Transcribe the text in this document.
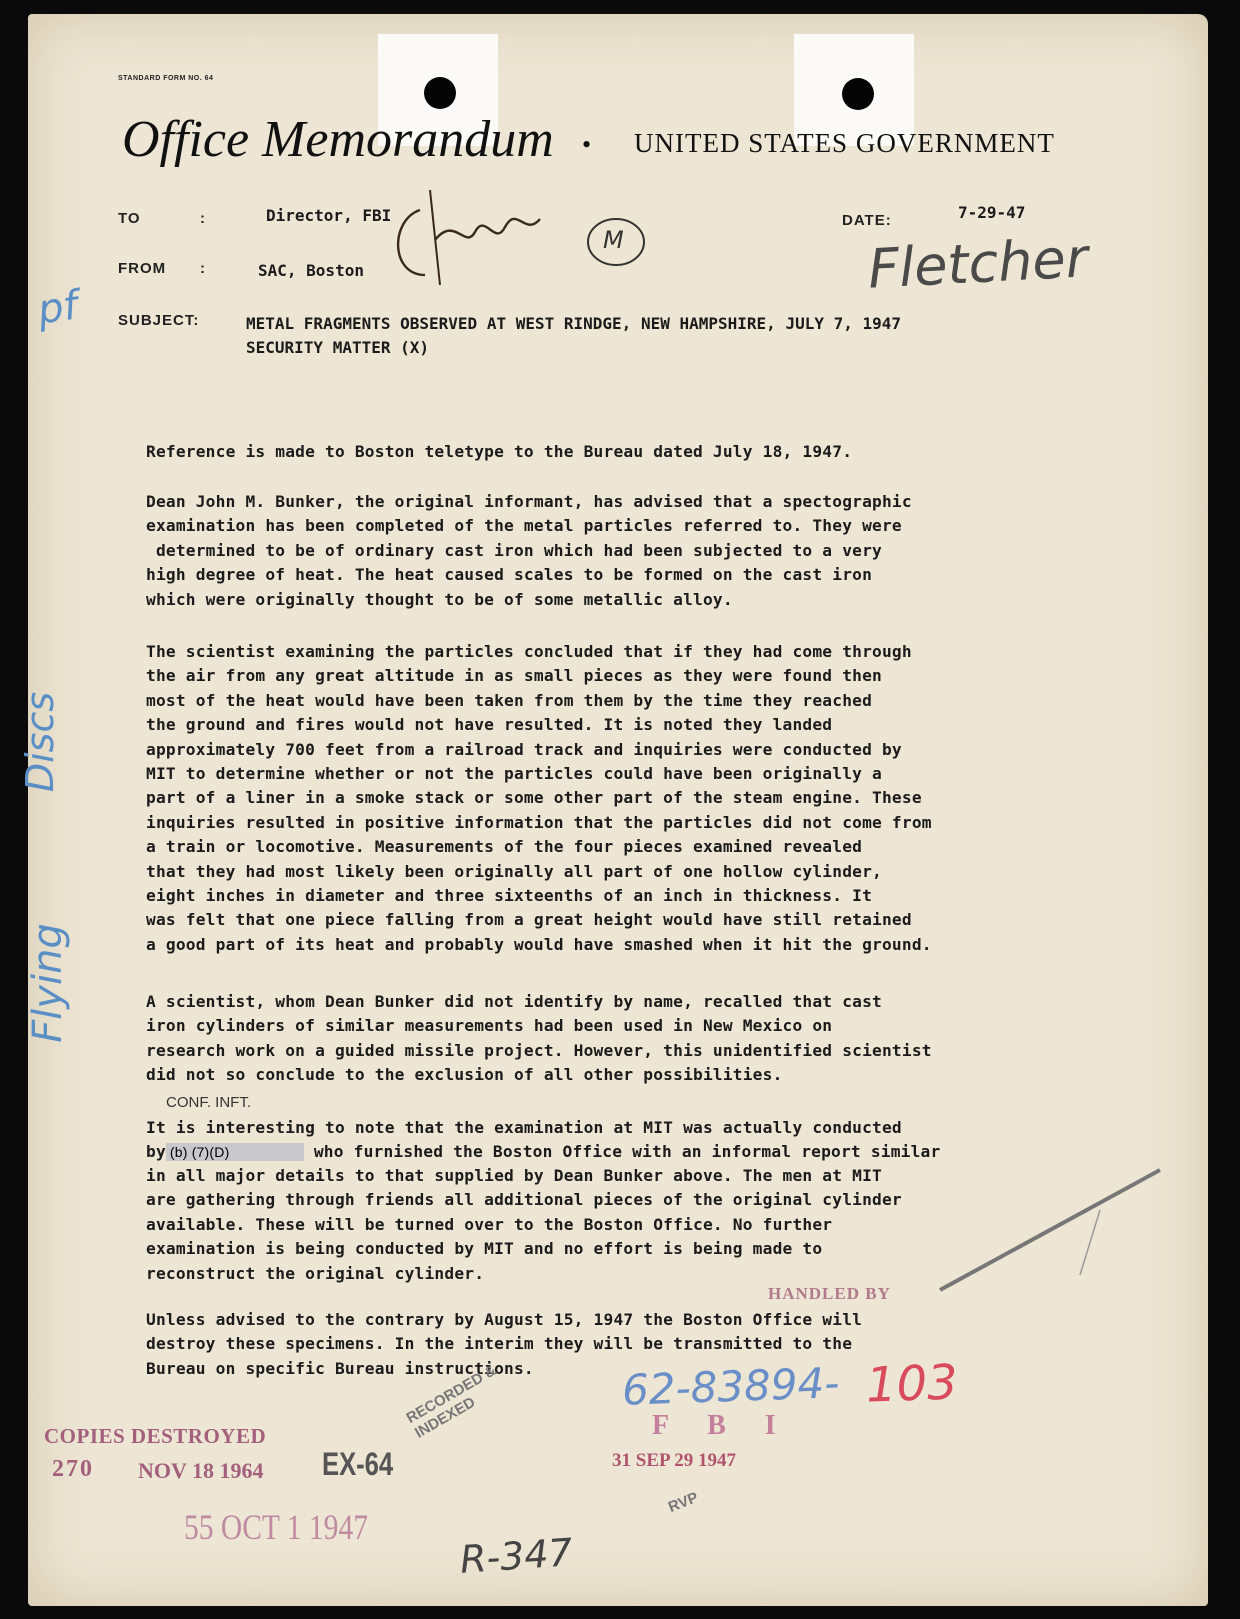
STANDARD FORM NO. 64
Office Memorandum • UNITED STATES GOVERNMENT
TO	:	Director, FBI
FROM :	SAC, Boston
DATE:	7-29-47
SUBJECT:	METAL FRAGMENTS OBSERVED AT WEST RINDGE, NEW HAMPSHIRE, JULY 7, 1947
SECURITY MATTER (X)
Reference is made to Boston teletype to the Bureau dated July 18, 1947.
Dean John M. Bunker, the original informant, has advised that a spectographic
examination has been completed of the metal particles referred to. They were
determined to be of ordinary cast iron which had been subjected to a very
high degree of heat. The heat caused scales to be formed on the cast iron
which were originally thought to be of some metallic alloy.
The scientist examining the particles concluded that if they had come through
the air from any great altitude in as small pieces as they were found then
most of the heat would have been taken from them by the time they reached
the ground and fires would not have resulted. It is noted they landed
approximately 700 feet from a railroad track and inquiries were conducted by
MIT to determine whether or not the particles could have been originally a
part of a liner in a smoke stack or some other part of the steam engine. These
inquiries resulted in positive information that the particles did not come from
a train or locomotive. Measurements of the four pieces examined revealed
that they had most likely been originally all part of one hollow cylinder,
eight inches in diameter and three sixteenths of an inch in thickness. It
was felt that one piece falling from a great height would have still retained
a good part of its heat and probably would have smashed when it hit the ground.
A scientist, whom Dean Bunker did not identify by name, recalled that cast
iron cylinders of similar measurements had been used in New Mexico on
research work on a guided missile project. However, this unidentified scientist
did not so conclude to the exclusion of all other possibilities.
CONF. INFT.
It is interesting to note that the examination at MIT was actually conducted
by (b) (7)(D)	who furnished the Boston Office with an informal report similar
in all major details to that supplied by Dean Bunker above. The men at MIT
are gathering through friends all additional pieces of the original cylinder
available. These will be turned over to the Boston Office. No further
examination is being conducted by MIT and no effort is being made to
reconstruct the original cylinder.
Unless advised to the contrary by August 15, 1947 the Boston Office will
destroy these specimens. In the interim they will be transmitted to the
Bureau on specific Bureau instructions.
M	Fletcher
pf
Discs
Flying
HANDLED BY
62-83894- 103
COPIES DESTROYED
270 NOV 18 1964 EX-64
RECORDED & INDEXED
55 OCT 1 1947
F B I
31 SEP 29 1947
R-347
RVP
